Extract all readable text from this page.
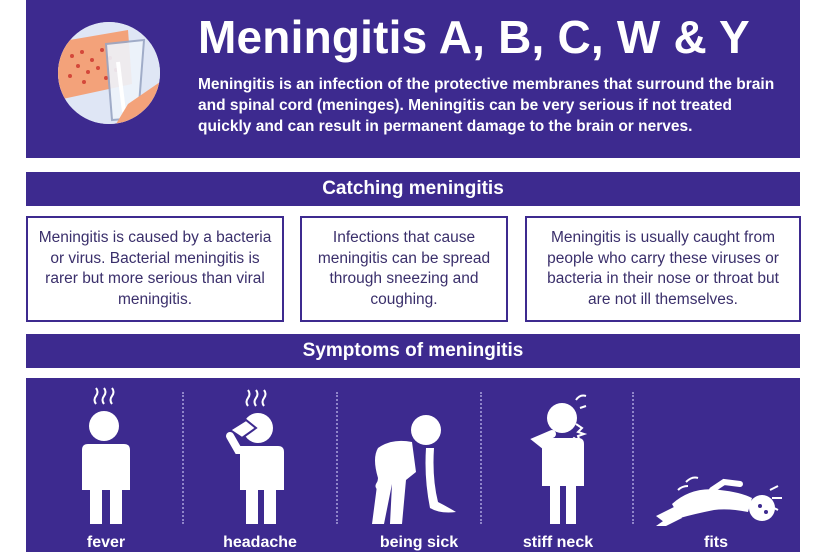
Meningitis A, B, C, W & Y
Meningitis is an infection of the protective membranes that surround the brain and spinal cord (meninges). Meningitis can be very serious if not treated quickly and can result in permanent damage to the brain or nerves.
Catching meningitis
Meningitis is caused by a bacteria or virus. Bacterial meningitis is rarer but more serious than viral meningitis.
Infections that cause meningitis can be spread through sneezing and coughing.
Meningitis is usually caught from people who carry these viruses or bacteria in their nose or throat but are not ill themselves.
Symptoms of meningitis
fever	headache	being sick	stiff neck	fits
